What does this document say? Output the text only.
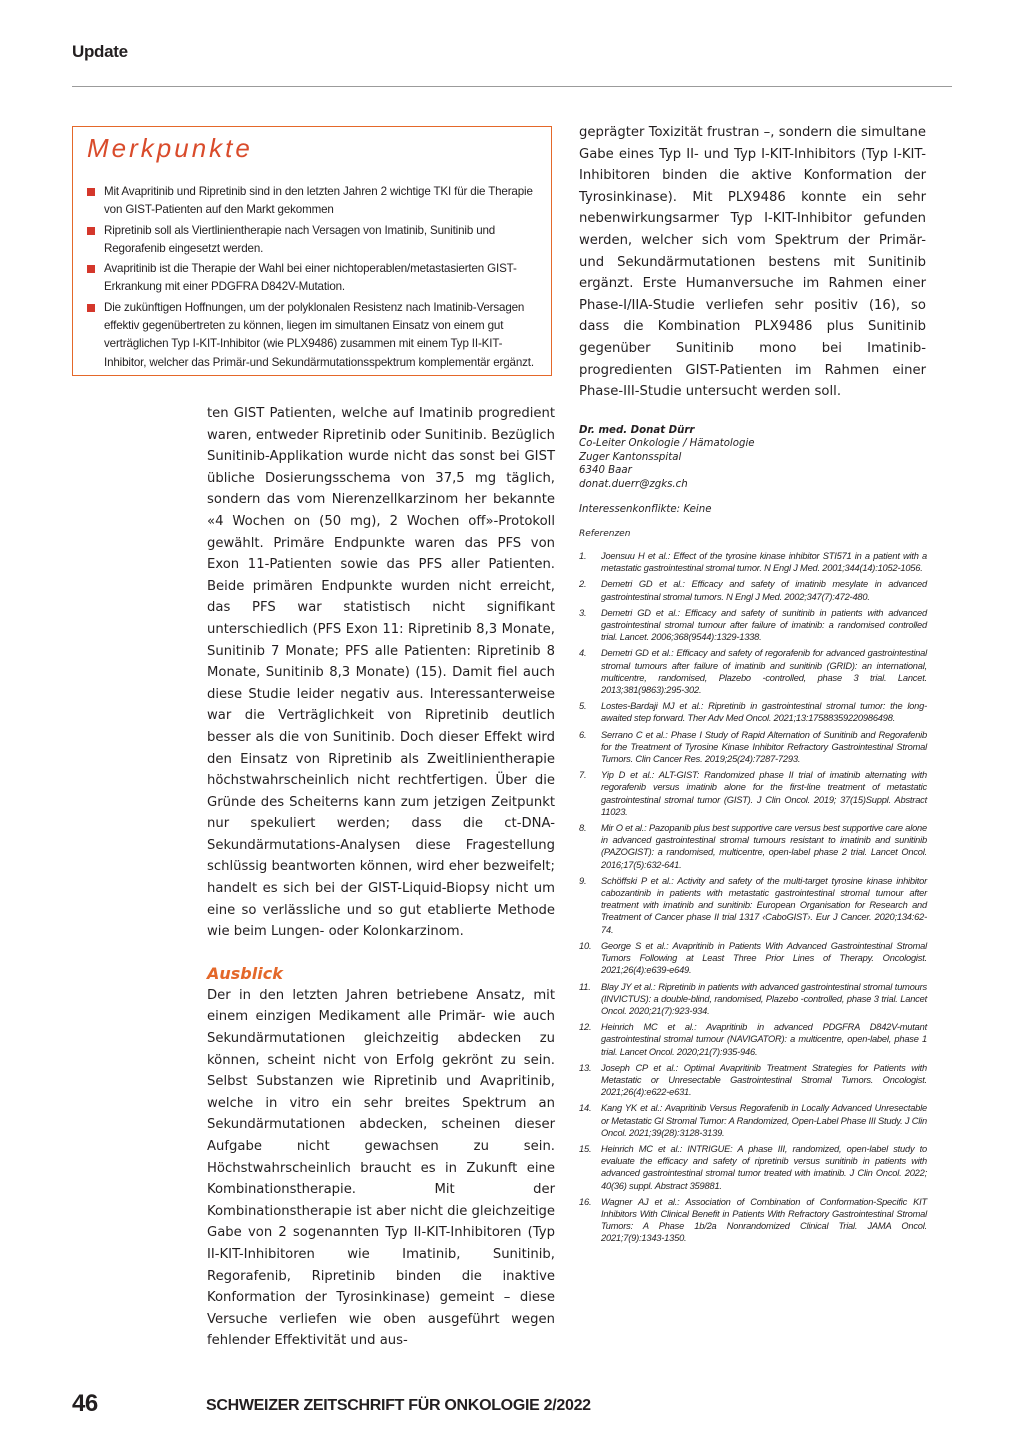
Update
Merkpunkte
Mit Avapritinib und Ripretinib sind in den letzten Jahren 2 wichtige TKI für die Therapie von GIST-Patienten auf den Markt gekommen
Ripretinib soll als Viertlinientherapie nach Versagen von Imatinib, Sunitinib und Regorafenib eingesetzt werden.
Avapritinib ist die Therapie der Wahl bei einer nichtoperablen/metastasierten GIST-Erkrankung mit einer PDGFRA D842V-Mutation.
Die zukünftigen Hoffnungen, um der polyklonalen Resistenz nach Imatinib-Versagen effektiv gegenübertreten zu können, liegen im simultanen Einsatz von einem gut verträglichen Typ I-KIT-Inhibitor (wie PLX9486) zusammen mit einem Typ II-KIT-Inhibitor, welcher das Primär-und Sekundärmutationsspektrum komplementär ergänzt.

ten GIST Patienten, welche auf Imatinib progredient waren, entweder Ripretinib oder Sunitinib. Bezüglich Sunitinib-Applikation wurde nicht das sonst bei GIST übliche Dosierungsschema von 37,5 mg täglich, sondern das vom Nierenzellkarzinom her bekannte «4 Wochen on (50 mg), 2 Wochen off»-Protokoll gewählt. Primäre Endpunkte waren das PFS von Exon 11-Patienten sowie das PFS aller Patienten. Beide primären Endpunkte wurden nicht erreicht, das PFS war statistisch nicht signifikant unterschiedlich (PFS Exon 11: Ripretinib 8,3 Monate, Sunitinib 7 Monate; PFS alle Patienten: Ripretinib 8 Monate, Sunitinib 8,3 Monate) (15). Damit fiel auch diese Studie leider negativ aus. Interessanterweise war die Verträglichkeit von Ripretinib deutlich besser als die von Sunitinib. Doch dieser Effekt wird den Einsatz von Ripretinib als Zweitlinientherapie höchstwahrscheinlich nicht rechtfertigen. Über die Gründe des Scheiterns kann zum jetzigen Zeitpunkt nur spekuliert werden; dass die ct-DNA-Sekundärmutations-Analysen diese Fragestellung schlüssig beantworten können, wird eher bezweifelt; handelt es sich bei der GIST-Liquid-Biopsy nicht um eine so verlässliche und so gut etablierte Methode wie beim Lungen- oder Kolonkarzinom.

Ausblick

Der in den letzten Jahren betriebene Ansatz, mit einem einzigen Medikament alle Primär- wie auch Sekundärmutationen gleichzeitig abdecken zu können, scheint nicht von Erfolg gekrönt zu sein. Selbst Substanzen wie Ripretinib und Avapritinib, welche in vitro ein sehr breites Spektrum an Sekundärmutationen abdecken, scheinen dieser Aufgabe nicht gewachsen zu sein. Höchstwahrscheinlich braucht es in Zukunft eine Kombinationstherapie. Mit der Kombinationstherapie ist aber nicht die gleichzeitige Gabe von 2 sogenannten Typ II-KIT-Inhibitoren (Typ II-KIT-Inhibitoren wie Imatinib, Sunitinib, Regorafenib, Ripretinib binden die inaktive Konformation der Tyrosinkinase) gemeint – diese Versuche verliefen wie oben ausgeführt wegen fehlender Effektivität und aus-

geprägter Toxizität frustran –, sondern die simultane Gabe eines Typ II- und Typ I-KIT-Inhibitors (Typ I-KIT-Inhibitoren binden die aktive Konformation der Tyrosinkinase). Mit PLX9486 konnte ein sehr nebenwirkungsarmer Typ I-KIT-Inhibitor gefunden werden, welcher sich vom Spektrum der Primär- und Sekundärmutationen bestens mit Sunitinib ergänzt. Erste Humanversuche im Rahmen einer Phase-I/IIA-Studie verliefen sehr positiv (16), so dass die Kombination PLX9486 plus Sunitinib gegenüber Sunitinib mono bei Imatinib-progredienten GIST-Patienten im Rahmen einer Phase-III-Studie untersucht werden soll.

Dr. med. Donat Dürr
Co-Leiter Onkologie / Hämatologie
Zuger Kantonsspital
6340 Baar
donat.duerr@zgks.ch
Interessenkonflikte: Keine
Referenzen
1. Joensuu H et al.: Effect of the tyrosine kinase inhibitor STI571 in a patient with a metastatic gastrointestinal stromal tumor. N Engl J Med. 2001;344(14):1052-1056.
2. Demetri GD et al.: Efficacy and safety of imatinib mesylate in advanced gastrointestinal stromal tumors. N Engl J Med. 2002;347(7):472-480.
3. Demetri GD et al.: Efficacy and safety of sunitinib in patients with advanced gastrointestinal stromal tumour after failure of imatinib: a randomised controlled trial. Lancet. 2006;368(9544):1329-1338.
4. Demetri GD et al.: Efficacy and safety of regorafenib for advanced gastrointestinal stromal tumours after failure of imatinib and sunitinib (GRID): an international, multicentre, randomised, Plazebo -controlled, phase 3 trial. Lancet. 2013;381(9863):295-302.
5. Lostes-Bardaji MJ et al.: Ripretinib in gastrointestinal stromal tumor: the long-awaited step forward. Ther Adv Med Oncol. 2021;13:17588359220986498.
6. Serrano C et al.: Phase I Study of Rapid Alternation of Sunitinib and Regorafenib for the Treatment of Tyrosine Kinase Inhibitor Refractory Gastrointestinal Stromal Tumors. Clin Cancer Res. 2019;25(24):7287-7293.
7. Yip D et al.: ALT-GIST: Randomized phase II trial of imatinib alternating with regorafenib versus imatinib alone for the first-line treatment of metastatic gastrointestinal stromal tumor (GIST). J Clin Oncol. 2019; 37(15)Suppl. Abstract 11023.
8. Mir O et al.: Pazopanib plus best supportive care versus best supportive care alone in advanced gastrointestinal stromal tumours resistant to imatinib and sunitinib (PAZOGIST): a randomised, multicentre, open-label phase 2 trial. Lancet Oncol. 2016;17(5):632-641.
9. Schöffski P et al.: Activity and safety of the multi-target tyrosine kinase inhibitor cabozantinib in patients with metastatic gastrointestinal stromal tumour after treatment with imatinib and sunitinib: European Organisation for Research and Treatment of Cancer phase II trial 1317 ‹CaboGIST›. Eur J Cancer. 2020;134:62-74.
10. George S et al.: Avapritinib in Patients With Advanced Gastrointestinal Stromal Tumors Following at Least Three Prior Lines of Therapy. Oncologist. 2021;26(4):e639-e649.
11. Blay JY et al.: Ripretinib in patients with advanced gastrointestinal stromal tumours (INVICTUS): a double-blind, randomised, Plazebo -controlled, phase 3 trial. Lancet Oncol. 2020;21(7):923-934.
12. Heinrich MC et al.: Avapritinib in advanced PDGFRA D842V-mutant gastrointestinal stromal tumour (NAVIGATOR): a multicentre, open-label, phase 1 trial. Lancet Oncol. 2020;21(7):935-946.
13. Joseph CP et al.: Optimal Avapritinib Treatment Strategies for Patients with Metastatic or Unresectable Gastrointestinal Stromal Tumors. Oncologist. 2021;26(4):e622-e631.
14. Kang YK et al.: Avapritinib Versus Regorafenib in Locally Advanced Unresectable or Metastatic GI Stromal Tumor: A Randomized, Open-Label Phase III Study. J Clin Oncol. 2021;39(28):3128-3139.
15. Heinrich MC et al.: INTRIGUE: A phase III, randomized, open-label study to evaluate the efficacy and safety of ripretinib versus sunitinib in patients with advanced gastrointestinal stromal tumor treated with imatinib. J Clin Oncol. 2022; 40(36) suppl. Abstract 359881.
16. Wagner AJ et al.: Association of Combination of Conformation-Specific KIT Inhibitors With Clinical Benefit in Patients With Refractory Gastrointestinal Stromal Tumors: A Phase 1b/2a Nonrandomized Clinical Trial. JAMA Oncol. 2021;7(9):1343-1350.
46	SCHWEIZER ZEITSCHRIFT FÜR ONKOLOGIE 2/2022
